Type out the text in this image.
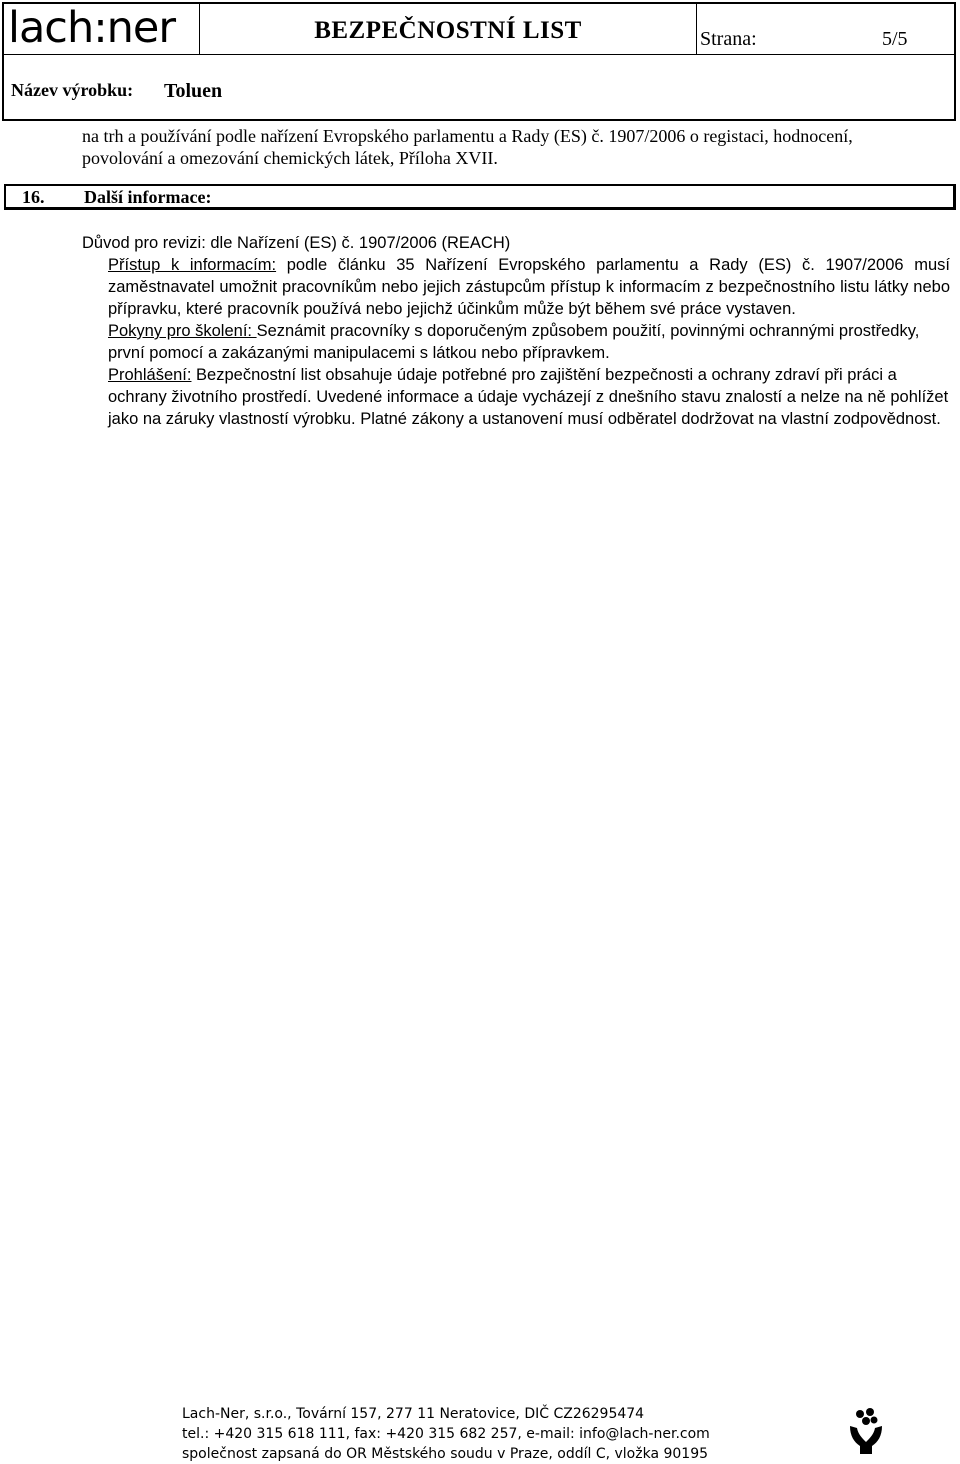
lach:ner	BEZPEČNOSTNÍ LIST	Strana:	5/5
Název výrobku: Toluen
na trh a používání podle nařízení Evropského parlamentu a Rady (ES) č. 1907/2006 o registaci, hodnocení,
povolování a omezování chemických látek, Příloha XVII.
16. Další informace:

Důvod pro revizi: dle Nařízení (ES) č. 1907/2006 (REACH)

Přístup k informacím: podle článku 35 Nařízení Evropského parlamentu a Rady (ES) č. 1907/2006 musí zaměstnavatel umožnit pracovníkům nebo jejich zástupcům přístup k informacím z bezpečnostního listu látky nebo přípravku, které pracovník používá nebo jejichž účinkům může být během své práce vystaven.

Pokyny pro školení: Seznámit pracovníky s doporučeným způsobem použití, povinnými ochrannými prostředky, první pomocí a zakázanými manipulacemi s látkou nebo přípravkem.

Prohlášení: Bezpečnostní list obsahuje údaje potřebné pro zajištění bezpečnosti a ochrany zdraví při práci a ochrany životního prostředí. Uvedené informace a údaje vycházejí z dnešního stavu znalostí a nelze na ně pohlížet jako na záruky vlastností výrobku. Platné zákony a ustanovení musí odběratel dodržovat na vlastní zodpovědnost.

Lach-Ner, s.r.o., Tovární 157, 277 11 Neratovice, DIČ CZ26295474
tel.: +420 315 618 111, fax: +420 315 682 257, e-mail: info@lach-ner.com
společnost zapsaná do OR Městského soudu v Praze, oddíl C, vložka 90195
